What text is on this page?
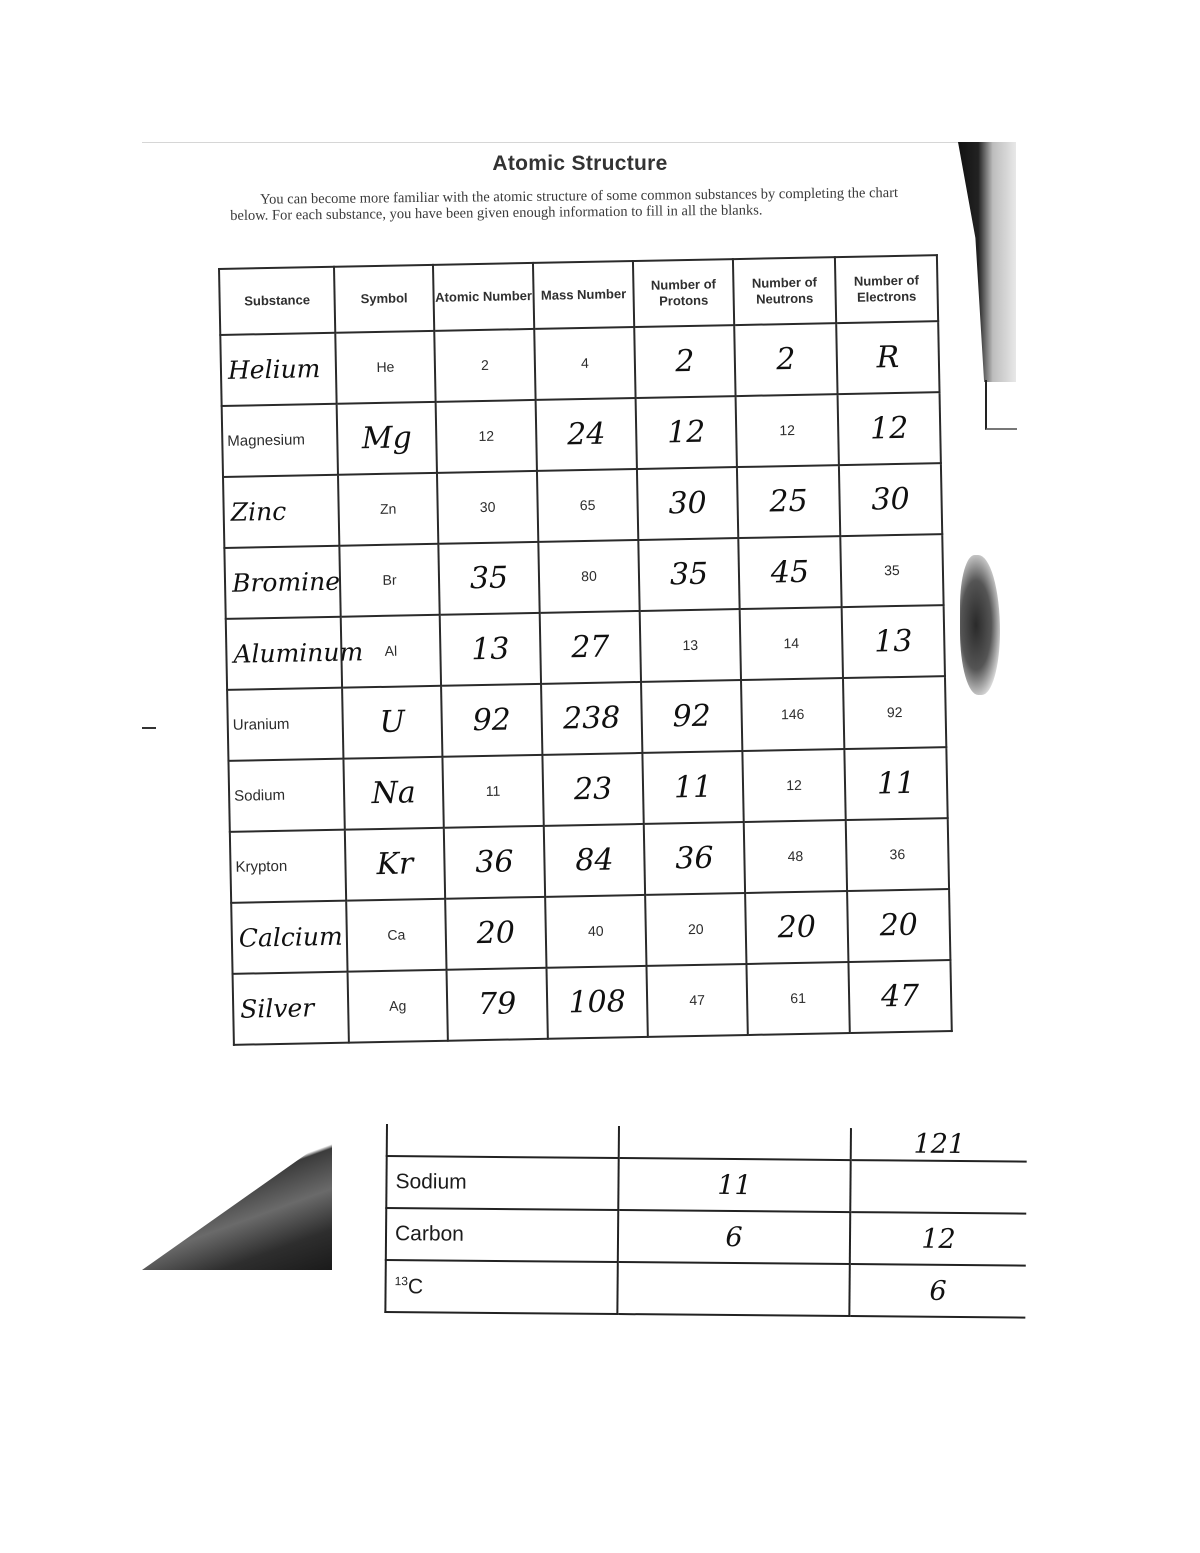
Atomic Structure
You can become more familiar with the atomic structure of some common substances by completing the chart below. For each substance, you have been given enough information to fill in all the blanks.
Substance	Symbol	Atomic Number	Mass Number	Number of Protons	Number of Neutrons	Number of Electrons

Helium	He	2	4	2	2	R

Magnesium	Mg	12	24	12	12	12

Zinc	Zn	30	65	30	25	30

Bromine	Br	35	80	35	45	35

Aluminum	Al	13	27	13	14	13

Uranium	U	92	238	92	146	92

Sodium	Na	11	23	11	12	11

Krypton	Kr	36	84	36	48	36

Calcium	Ca	20	40	20	20	20

Silver	Ag	79	108	47	61	47
		121
Sodium	11	
Carbon	6	12
$^{13}$C		6
